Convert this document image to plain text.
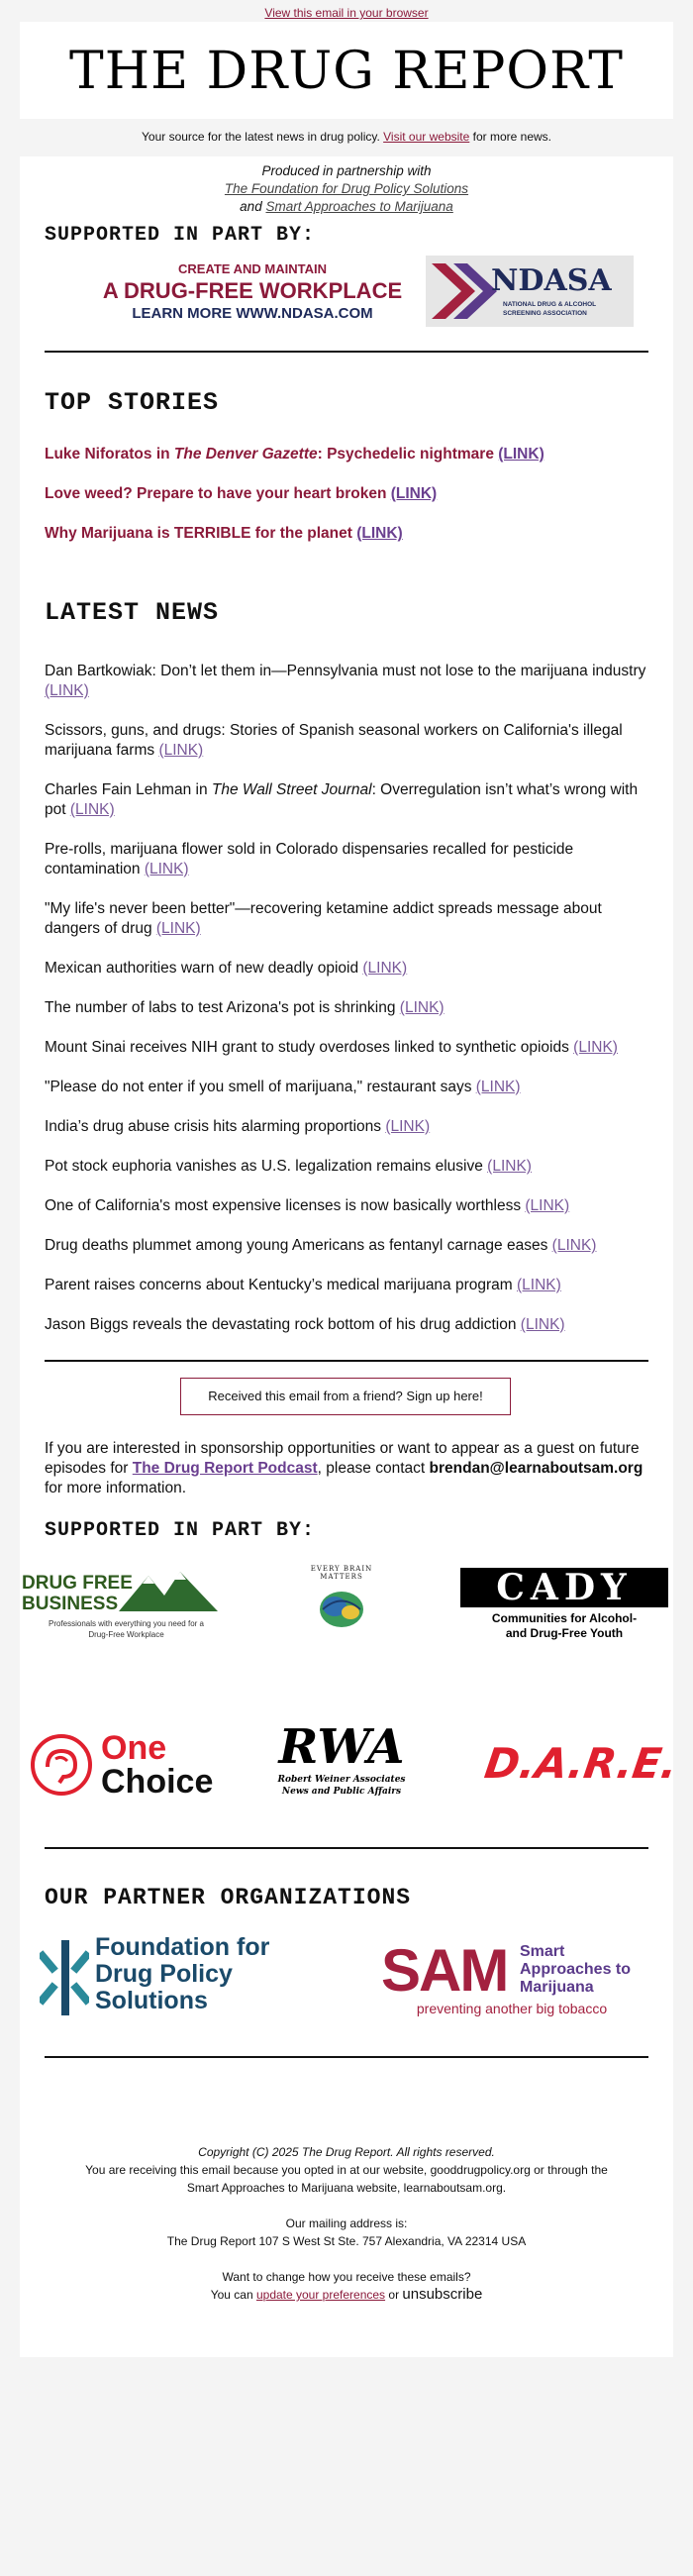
View this email in your browser
THE DRUG REPORT
Your source for the latest news in drug policy. Visit our website for more news.
Produced in partnership with
The Foundation for Drug Policy Solutions
and Smart Approaches to Marijuana
SUPPORTED IN PART BY:
CREATE AND MAINTAIN
A DRUG-FREE WORKPLACE
LEARN MORE WWW.NDASA.COM
NDASA
NATIONAL DRUG & ALCOHOL
SCREENING ASSOCIATION
TOP STORIES
Luke Niforatos in The Denver Gazette: Psychedelic nightmare (LINK)
Love weed? Prepare to have your heart broken (LINK)
Why Marijuana is TERRIBLE for the planet (LINK)
LATEST NEWS
Dan Bartkowiak: Don’t let them in—Pennsylvania must not lose to the marijuana industry (LINK)
Scissors, guns, and drugs: Stories of Spanish seasonal workers on California's illegal marijuana farms (LINK)
Charles Fain Lehman in The Wall Street Journal: Overregulation isn’t what’s wrong with pot (LINK)
Pre-rolls, marijuana flower sold in Colorado dispensaries recalled for pesticide contamination (LINK)
"My life's never been better"—recovering ketamine addict spreads message about dangers of drug (LINK)
Mexican authorities warn of new deadly opioid (LINK)
The number of labs to test Arizona's pot is shrinking (LINK)
Mount Sinai receives NIH grant to study overdoses linked to synthetic opioids (LINK)
"Please do not enter if you smell of marijuana," restaurant says (LINK)
India’s drug abuse crisis hits alarming proportions (LINK)
Pot stock euphoria vanishes as U.S. legalization remains elusive (LINK)
One of California's most expensive licenses is now basically worthless (LINK)
Drug deaths plummet among young Americans as fentanyl carnage eases (LINK)
Parent raises concerns about Kentucky’s medical marijuana program (LINK)
Jason Biggs reveals the devastating rock bottom of his drug addiction (LINK)
Received this email from a friend? Sign up here!
If you are interested in sponsorship opportunities or want to appear as a guest on future episodes for The Drug Report Podcast, please contact brendan@learnaboutsam.org for more information.
SUPPORTED IN PART BY:
DRUG FREE
BUSINESS
Professionals with everything you need for a
Drug-Free Workplace
EVERY BRAIN MATTERS	CADY
Communities for Alcohol-
and Drug-Free Youth
One
Choice
RWA
Robert Weiner Associates
News and Public Affairs
D.A.R.E.
OUR PARTNER ORGANIZATIONS
Foundation for
Drug Policy
Solutions	SAM Smart
Approaches to
Marijuana
preventing another big tobacco
Copyright (C) 2025 The Drug Report. All rights reserved.
You are receiving this email because you opted in at our website, gooddrugpolicy.org or through the
Smart Approaches to Marijuana website, learnaboutsam.org.
Our mailing address is:
The Drug Report 107 S West St Ste. 757 Alexandria, VA 22314 USA
Want to change how you receive these emails?
You can update your preferences or unsubscribe
